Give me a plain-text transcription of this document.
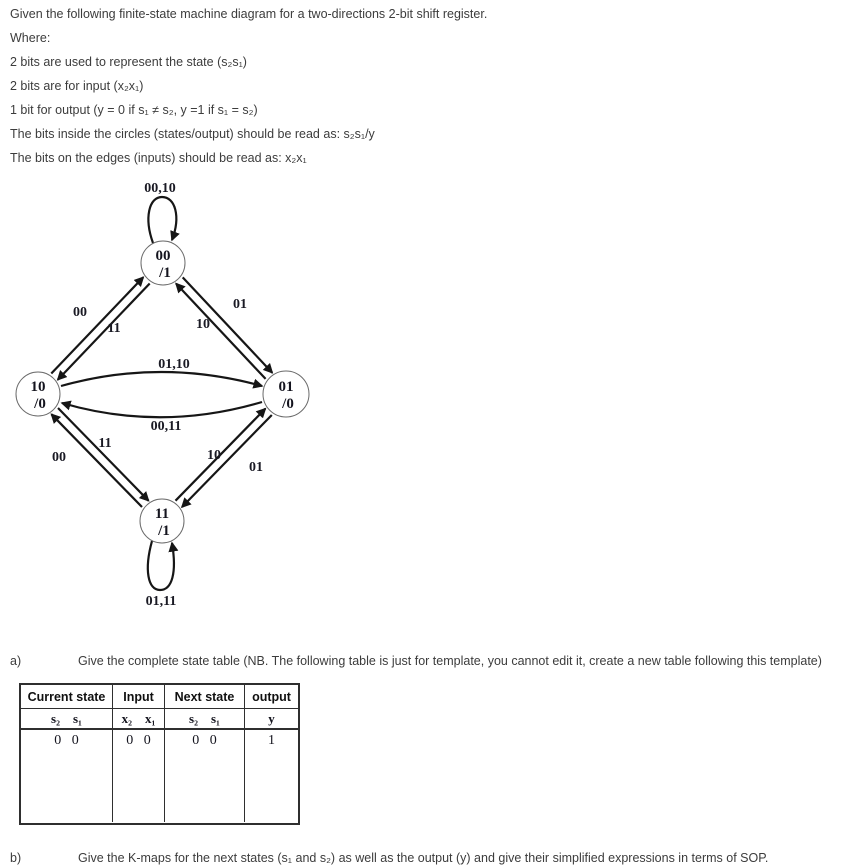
Given the following finite-state machine diagram for a two-directions 2-bit shift register.
Where:
2 bits are used to represent the state (s₂s₁)
2 bits are for input (x₂x₁)
1 bit for output (y = 0 if s₁ ≠ s₂, y =1 if s₁ = s₂)
The bits inside the circles (states/output) should be read as: s₂s₁/y
The bits on the edges (inputs) should be read as: x₂x₁
00,10
00
11
01
10
01,10
00,11
11
00	10
01
01,11
00
/1
10
/0
01
/0
11
/1
a)	Give the complete state table (NB. The following table is just for template, you cannot edit it, create a new table following this template)
Current state	Input	Next state	output
s₂    s₁	x₂    x₁	s₂    s₁	y
0   0	0   0	0   0	1
b)	Give the K-maps for the next states (s₁ and s₂) as well as the output (y) and give their simplified expressions in terms of SOP.
